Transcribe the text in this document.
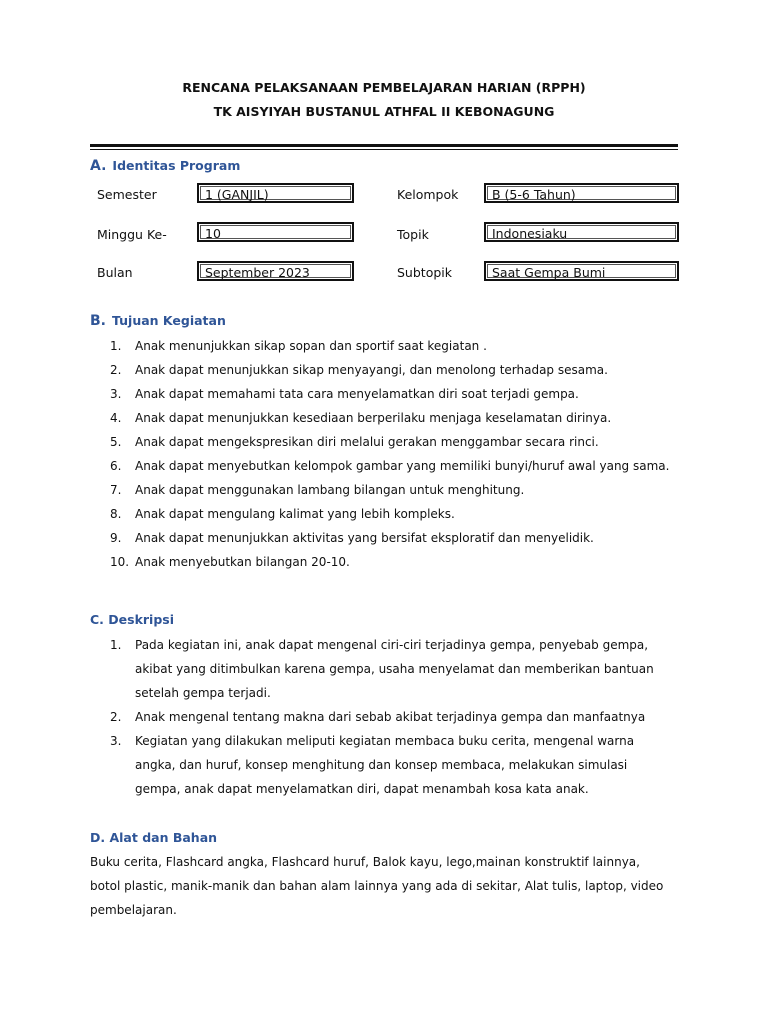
RENCANA PELAKSANAAN PEMBELAJARAN HARIAN (RPPH)
TK AISYIYAH BUSTANUL ATHFAL II KEBONAGUNG
A. Identitas Program
Semester	1 (GANJIL)	Kelompok	B (5-6 Tahun)
Minggu Ke-	10	Topik	Indonesiaku
Bulan	September 2023	Subtopik	Saat Gempa Bumi
B. Tujuan Kegiatan
1. Anak menunjukkan sikap sopan dan sportif saat kegiatan .
2. Anak dapat menunjukkan sikap menyayangi, dan menolong terhadap sesama.
3. Anak dapat memahami tata cara menyelamatkan diri soat terjadi gempa.
4. Anak dapat menunjukkan kesediaan berperilaku menjaga keselamatan dirinya.
5. Anak dapat mengekspresikan diri melalui gerakan menggambar secara rinci.
6. Anak dapat menyebutkan kelompok gambar yang memiliki bunyi/huruf awal yang sama.
7. Anak dapat menggunakan lambang bilangan untuk menghitung.
8. Anak dapat mengulang kalimat yang lebih kompleks.
9. Anak dapat menunjukkan aktivitas yang bersifat eksploratif dan menyelidik.
10. Anak menyebutkan bilangan 20-10.
C. Deskripsi
1. Pada kegiatan ini, anak dapat mengenal ciri-ciri terjadinya gempa, penyebab gempa,
akibat yang ditimbulkan karena gempa, usaha menyelamat dan memberikan bantuan
setelah gempa terjadi.
2. Anak mengenal tentang makna dari sebab akibat terjadinya gempa dan manfaatnya
3. Kegiatan yang dilakukan meliputi kegiatan membaca buku cerita, mengenal warna
angka, dan huruf, konsep menghitung dan konsep membaca, melakukan simulasi
gempa, anak dapat menyelamatkan diri, dapat menambah kosa kata anak.
D. Alat dan Bahan
Buku cerita, Flashcard angka, Flashcard huruf, Balok kayu, lego,mainan konstruktif lainnya,
botol plastic, manik-manik dan bahan alam lainnya yang ada di sekitar, Alat tulis, laptop, video
pembelajaran.
